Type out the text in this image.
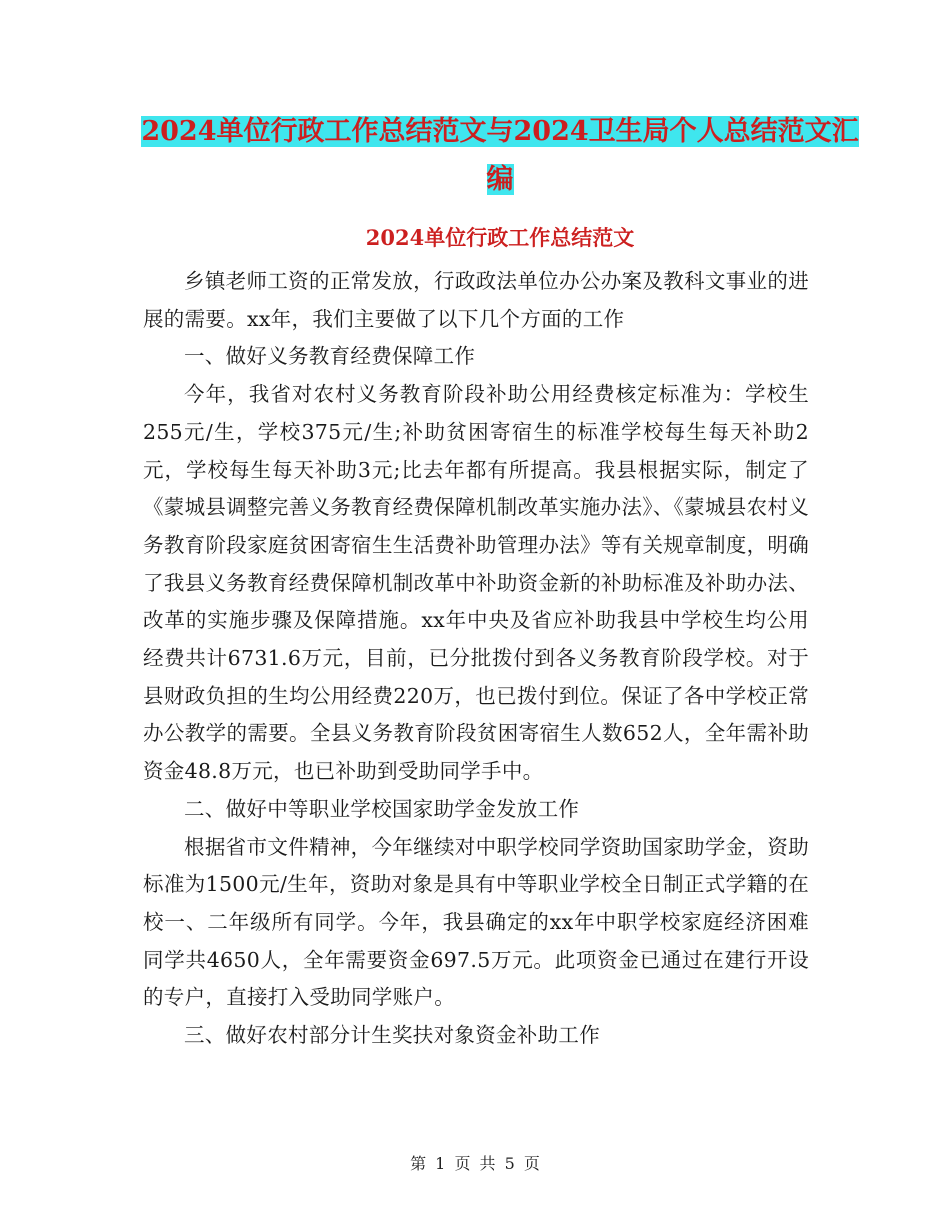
2024单位行政工作总结范文与2024卫生局个人总结范文汇编
2024单位行政工作总结范文

乡镇老师工资的正常发放，行政政法单位办公办案及教科文事业的进展的需要。xx年，我们主要做了以下几个方面的工作

一、做好义务教育经费保障工作

今年，我省对农村义务教育阶段补助公用经费核定标准为：学校生255元/生，学校375元/生;补助贫困寄宿生的标准学校每生每天补助2元，学校每生每天补助3元;比去年都有所提高。我县根据实际，制定了《蒙城县调整完善义务教育经费保障机制改革实施办法》、《蒙城县农村义务教育阶段家庭贫困寄宿生生活费补助管理办法》等有关规章制度，明确了我县义务教育经费保障机制改革中补助资金新的补助标准及补助办法、改革的实施步骤及保障措施。xx年中央及省应补助我县中学校生均公用经费共计6731.6万元，目前，已分批拨付到各义务教育阶段学校。对于县财政负担的生均公用经费220万，也已拨付到位。保证了各中学校正常办公教学的需要。全县义务教育阶段贫困寄宿生人数652人，全年需补助资金48.8万元，也已补助到受助同学手中。

二、做好中等职业学校国家助学金发放工作

根据省市文件精神，今年继续对中职学校同学资助国家助学金，资助标准为1500元/生年，资助对象是具有中等职业学校全日制正式学籍的在校一、二年级所有同学。今年，我县确定的xx年中职学校家庭经济困难同学共4650人，全年需要资金697.5万元。此项资金已通过在建行开设的专户，直接打入受助同学账户。

三、做好农村部分计生奖扶对象资金补助工作

第 1 页 共 5 页
